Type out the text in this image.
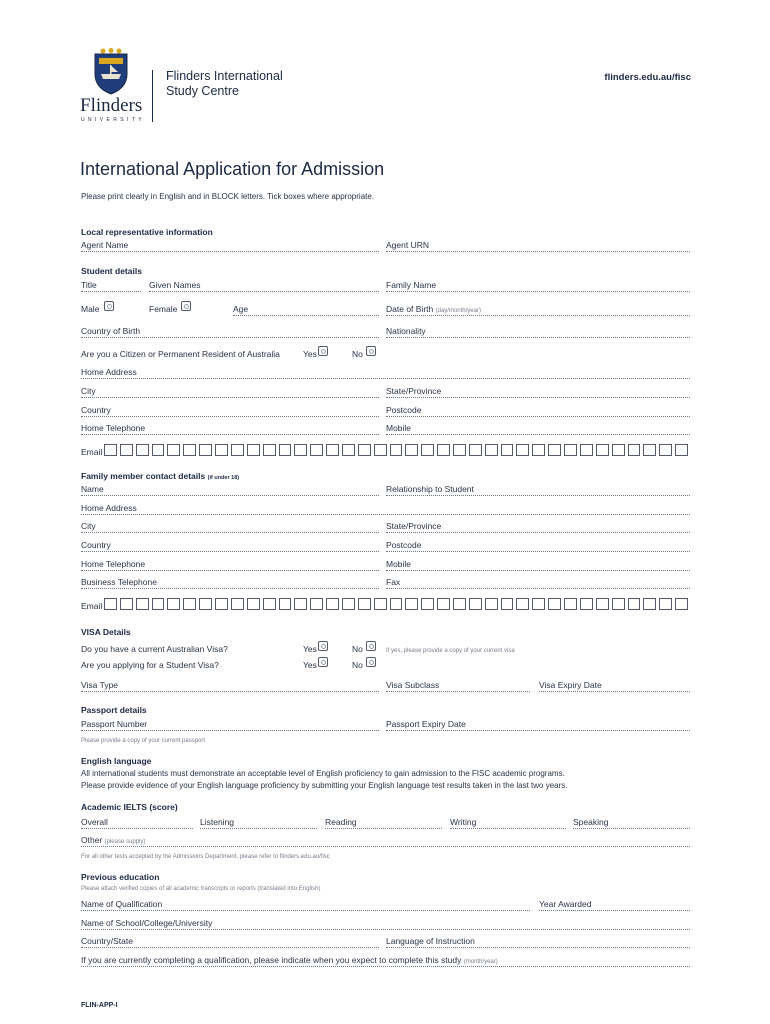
Flinders
UNIVERSITY
Flinders International
Study Centre
flinders.edu.au/fisc
International Application for Admission
Please print clearly in English and in BLOCK letters. Tick boxes where appropriate.
Local representative information
Agent Name	Agent URN
Student details
Title	Given Names	Family Name
Male	Female	Age	Date of Birth (day/month/year)
Country of Birth	Nationality
Are you a Citizen or Permanent Resident of Australia	Yes	No
Home Address
City	State/Province
Country	Postcode
Home Telephone	Mobile
Email
Family member contact details (if under 18)
Name	Relationship to Student
Home Address
City	State/Province
Country	Postcode
Home Telephone	Mobile
Business Telephone	Fax
Email
VISA Details
Do you have a current Australian Visa?	Yes	No	If yes, please provide a copy of your current visa
Are you applying for a Student Visa?	Yes	No
Visa Type	Visa Subclass	Visa Expiry Date
Passport details
Passport Number	Passport Expiry Date
Please provide a copy of your current passport
English language
All international students must demonstrate an acceptable level of English proficiency to gain admission to the FISC academic programs.
Please provide evidence of your English language proficiency by submitting your English language test results taken in the last two years.
Academic IELTS (score)
Overall	Listening	Reading	Writing	Speaking
Other (please supply)
For all other tests accepted by the Admissions Department, please refer to flinders.edu.au/fisc
Previous education
Please attach verified copies of all academic transcripts or reports (translated into English)
Name of Qualification	Year Awarded
Name of School/College/University
Country/State	Language of Instruction
If you are currently completing a qualification, please indicate when you expect to complete this study (month/year)
FLIN-APP-I
